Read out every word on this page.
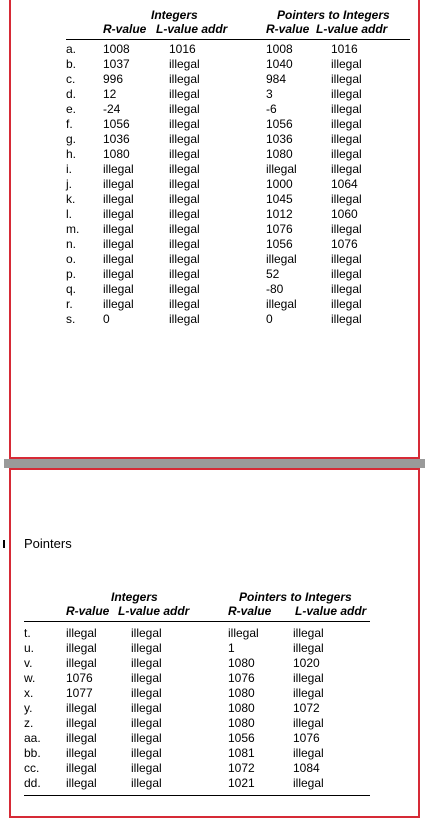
Integers	Pointers to Integers
R-value L-value addr	R-value L-value addr
a. 1008	1016	1008	1016
b. 1037	illegal	1040	illegal
c. 996	illegal	984	illegal
d. 12	illegal	3	illegal
e. -24	illegal	-6	illegal
f.	1056	illegal	1056	illegal
g. 1036	illegal	1036	illegal
h. 1080	illegal	1080	illegal
i.	illegal	illegal	illegal	illegal
j.	illegal	illegal	1000	1064
k. illegal	illegal	1045	illegal
l.	illegal	illegal	1012	1060
m. illegal	illegal	1076	illegal
n. illegal	illegal	1056	1076
o. illegal	illegal	illegal	illegal
p. illegal	illegal	52	illegal
q. illegal	illegal	-80	illegal
r.	illegal	illegal	illegal	illegal
s. 0	illegal	0	illegal
Pointers
Integers	Pointers to Integers
R-value L-value addr	R-value L-value addr
t.	illegal	illegal	illegal	illegal
u.	illegal	illegal	1	illegal
v.	illegal	illegal	1080	1020
w.	1076	illegal	1076	illegal
x.	1077	illegal	1080	illegal
y.	illegal	illegal	1080	1072
z.	illegal	illegal	1080	illegal
aa. illegal	illegal	1056	1076
bb. illegal	illegal	1081	illegal
cc. illegal	illegal	1072	1084
dd. illegal	illegal	1021	illegal
